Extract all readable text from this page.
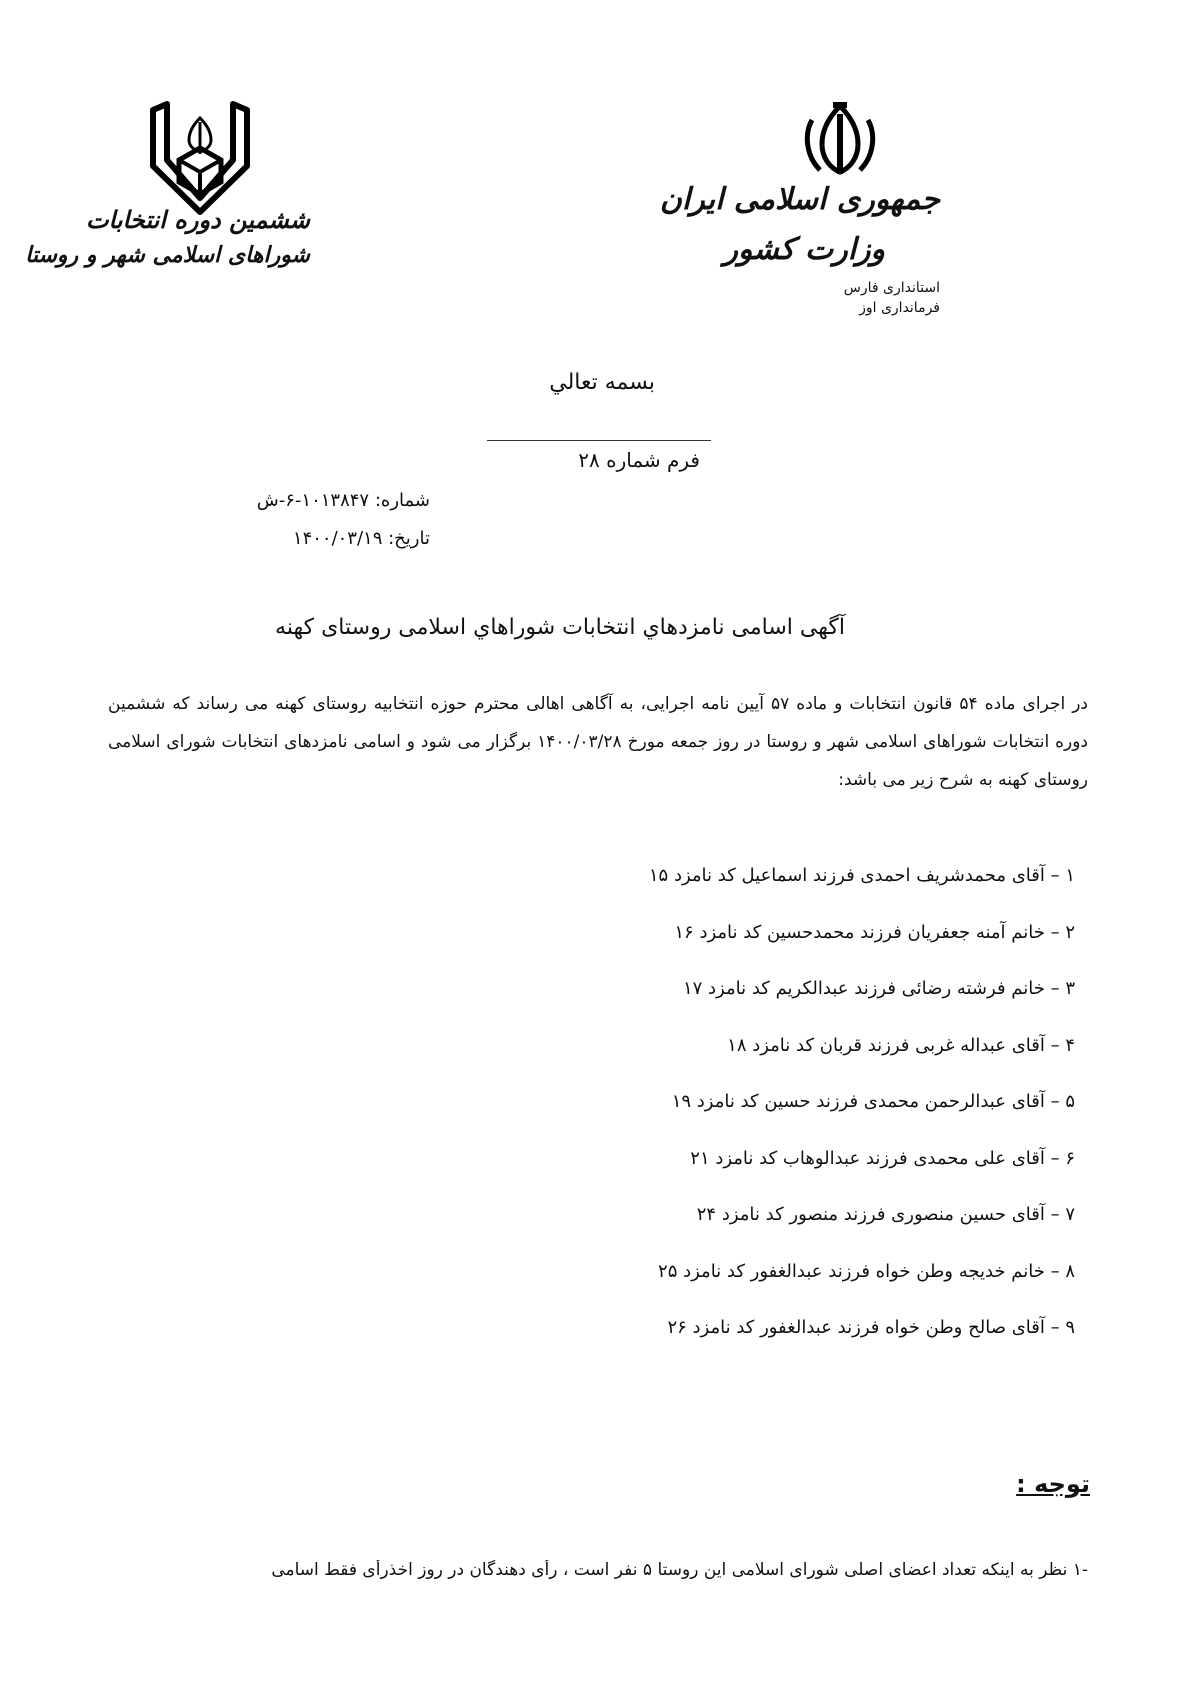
جمهوری اسلامی ایران
وزارت کشور
استانداری فارس
فرمانداری اوز
ششمین دوره انتخابات
شوراهای اسلامی شهر و روستا
بسمه تعالي
فرم شماره ۲۸
شماره: ۱۰۱۳۸۴۷-۶-ش
تاریخ: ۱۴۰۰/۰۳/۱۹
آگهی اسامی نامزدهاي انتخابات شوراهاي اسلامی روستای کهنه
در اجرای ماده ۵۴ قانون انتخابات و ماده ۵۷ آیین نامه اجرایی، به آگاهی اهالی محترم حوزه انتخابیه روستای کهنه می رساند که ششمین دوره انتخابات شوراهای اسلامی شهر و روستا در روز جمعه مورخ ۱۴۰۰/۰۳/۲۸ برگزار می شود و اسامی نامزدهای انتخابات شورای اسلامی روستای کهنه به شرح زیر می باشد:
۱ – آقای محمدشریف احمدی فرزند اسماعیل کد نامزد ۱۵
۲ – خانم آمنه جعفریان فرزند محمدحسین کد نامزد ۱۶
۳ – خانم فرشته رضائی فرزند عبدالکریم کد نامزد ۱۷
۴ – آقای عبداله غربی فرزند قربان کد نامزد ۱۸
۵ – آقای عبدالرحمن محمدی فرزند حسین کد نامزد ۱۹
۶ – آقای علی محمدی فرزند عبدالوهاب کد نامزد ۲۱
۷ – آقای حسین منصوری فرزند منصور کد نامزد ۲۴
۸ – خانم خدیجه وطن خواه فرزند عبدالغفور کد نامزد ۲۵
۹ – آقای صالح وطن خواه فرزند عبدالغفور کد نامزد ۲۶
توجه :
-۱ نظر به اینکه تعداد اعضای اصلی شورای اسلامی این روستا ۵ نفر است ، رأی دهندگان در روز اخذرأی فقط اسامی
